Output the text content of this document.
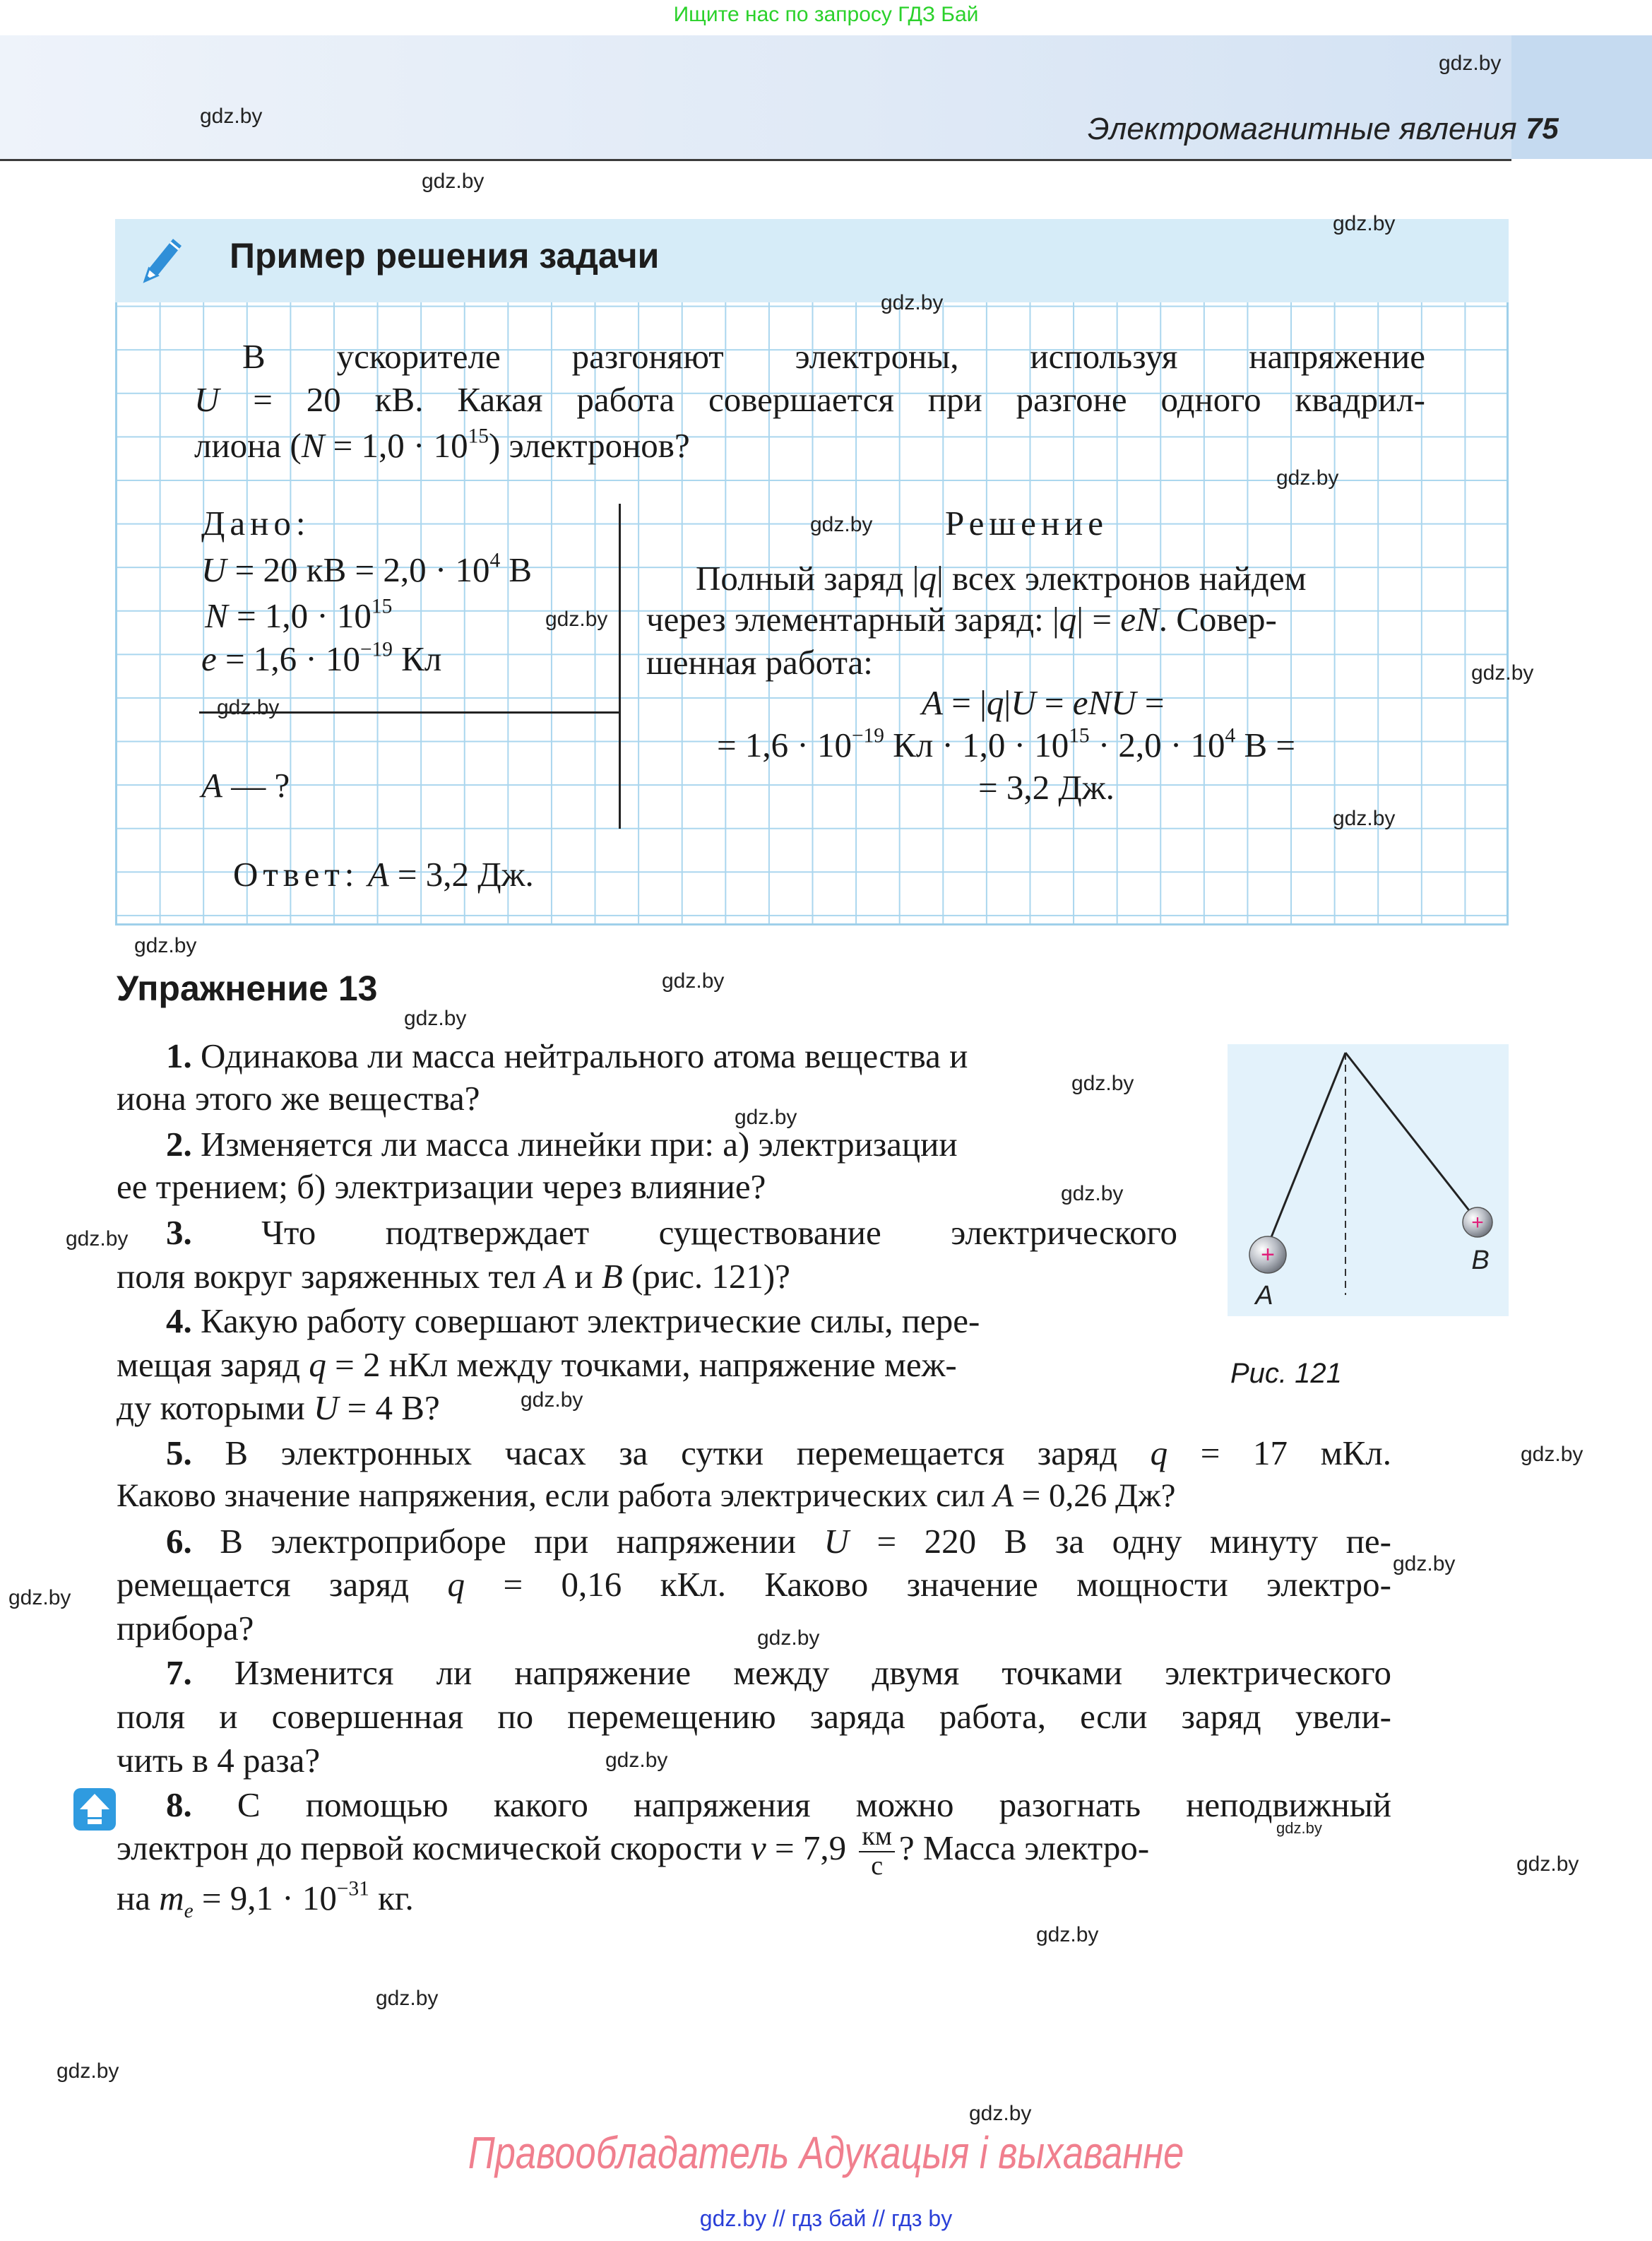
Ищите нас по запросу ГДЗ Бай
Электромагнитные явления 75
Пример решения задачи
В ускорителе разгоняют электроны, используя напряжение
U = 20 кВ. Какая работа совершается при разгоне одного квадрил-
лиона $(N = 1,0 \cdot 10^{15})$ электронов?
Дано:
U = 20 кВ = $2,0 \cdot 10^4$ В
$N = 1,0 \cdot 10^{15}$
$e = 1,6 \cdot 10^{-19}$ Кл
A — ?
Решение
Полный заряд |q| всех электронов найдем
через элементарный заряд: |q| = eN. Совер-
шенная работа:
A = |q|U = eNU =
= $1,6 \cdot 10^{-19}$ Кл · $1,0 \cdot 10^{15} \cdot 2,0 \cdot 10^4$ В =
= 3,2 Дж.
Ответ: A = 3,2 Дж.
Упражнение 13
1. Одинакова ли масса нейтрального атома вещества и
иона этого же вещества?
2. Изменяется ли масса линейки при: а) электризации
ее трением; б) электризации через влияние?
3. Что подтверждает существование электрического
поля вокруг заряженных тел A и B (рис. 121)?
4. Какую работу совершают электрические силы, пере-
мещая заряд q = 2 нКл между точками, напряжение меж-
ду которыми U = 4 В?
5. В электронных часах за сутки перемещается заряд q = 17 мКл.
Каково значение напряжения, если работа электрических сил A = 0,26 Дж?
6. В электроприборе при напряжении U = 220 В за одну минуту пе-
ремещается заряд q = 0,16 кКл. Каково значение мощности электро-
прибора?
7. Изменится ли напряжение между двумя точками электрического
поля и совершенная по перемещению заряда работа, если заряд увели-
чить в 4 раза?
8. С помощью какого напряжения можно разогнать неподвижный
электрон до первой космической скорости $v = 7,9 \frac{км}{с}$ ? Масса электро-
на $m_e = 9,1 \cdot 10^{-31}$ кг.
+
+
A
B
Рис. 121
gdz.by
gdz.by
gdz.by
gdz.by
gdz.by
gdz.by
gdz.by
gdz.by
gdz.by
gdz.by
gdz.by
gdz.by
gdz.by
gdz.by
gdz.by
gdz.by
gdz.by
gdz.by
gdz.by
gdz.by
gdz.by
gdz.by
gdz.by
gdz.by
gdz.by
gdz.by
gdz.by
gdz.by
gdz.by
gdz.by
Правообладатель Адукацыя і выхаванне
gdz.by // гдз бай // гдз by
